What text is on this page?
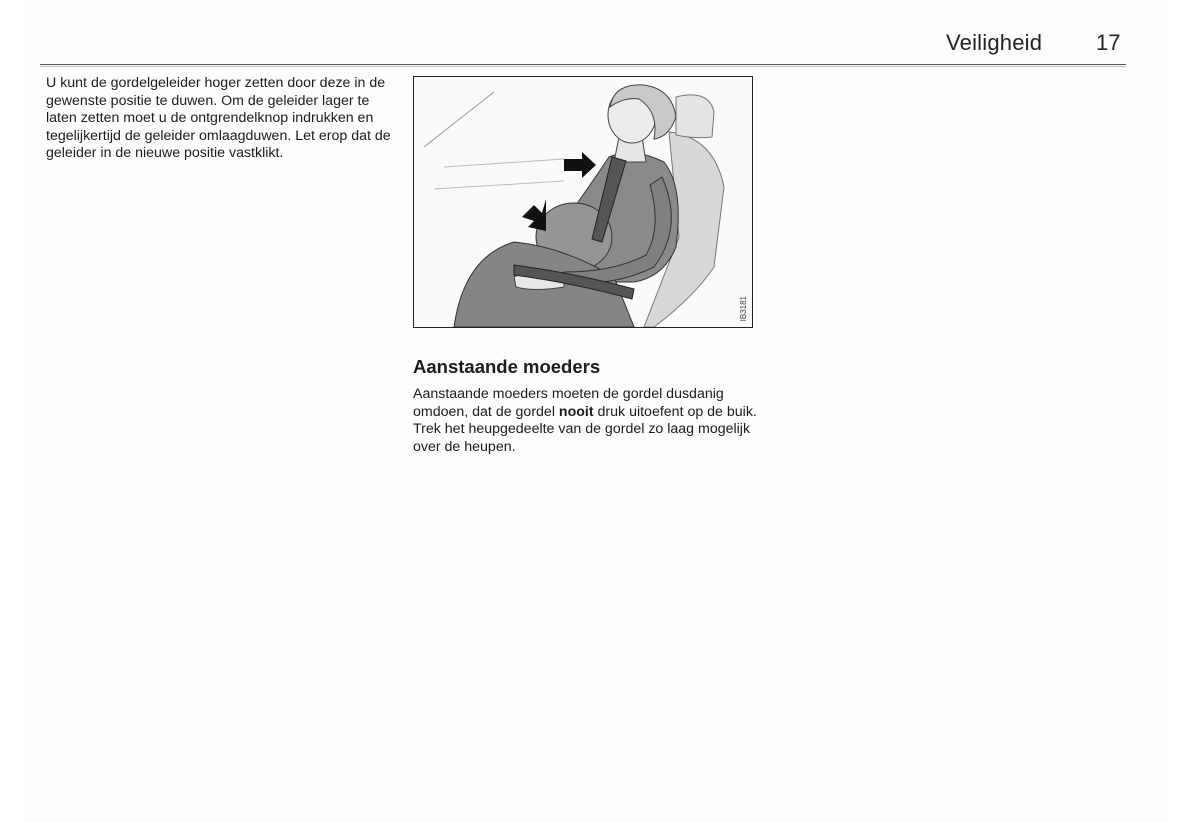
Veiligheid 17
U kunt de gordelgeleider hoger zetten door deze in de gewenste positie te duwen. Om de geleider lager te laten zetten moet u de ontgrendelknop indrukken en tegelijkertijd de geleider omlaagduwen. Let erop dat de geleider in de nieuwe positie vastklikt.
IB3181
Aanstaande moeders
Aanstaande moeders moeten de gordel dusdanig omdoen, dat de gordel nooit druk uitoefent op de buik. Trek het heupgedeelte van de gordel zo laag mogelijk over de heupen.
